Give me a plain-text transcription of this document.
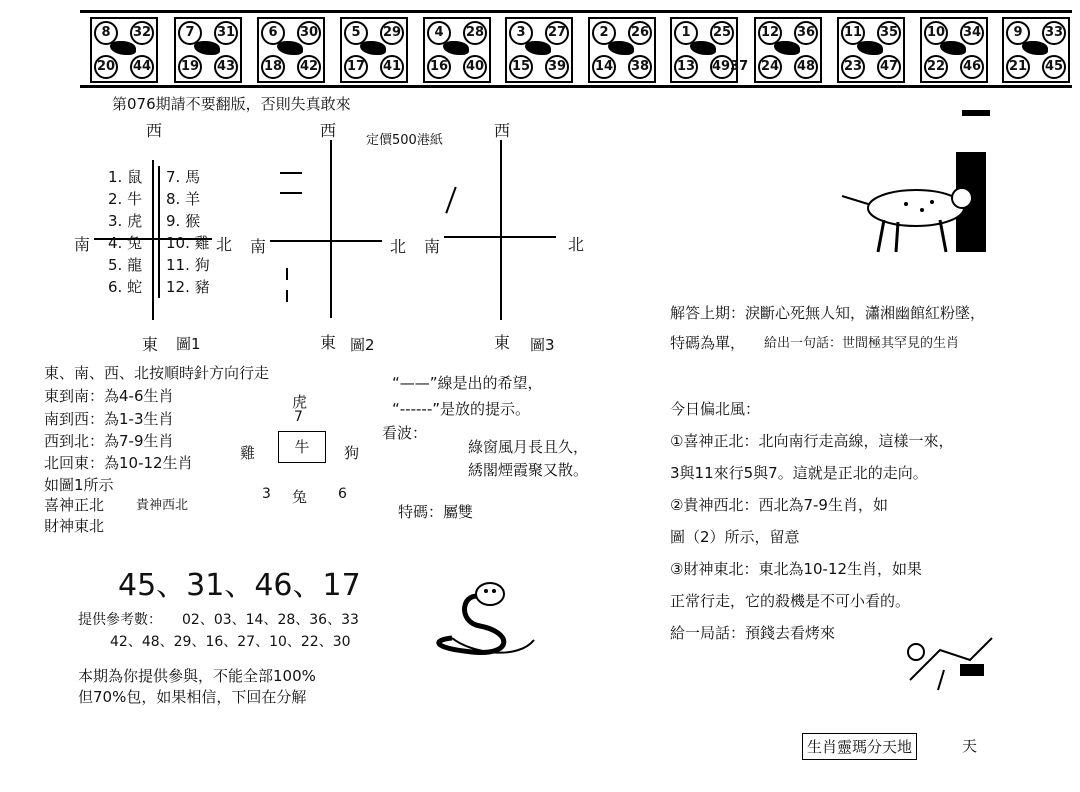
8	32
20 44
7	31
19 43
6	30
18 42
5	29
17 41
4	28
16 40
3	27
15 39
2	26
14 38
1	25
13 4937
12 36
24 48
11 35
23 47
10 34
22 46
9	33
21 45
第076期請不要翻版，否則失真敢來
定價500港紙
西
南	北
東 圖1
1. 鼠
2. 牛
3. 虎
4. 兔
5. 龍
6. 蛇
7. 馬
8. 羊
9. 猴
10. 雞
11. 狗
12. 豬
西
南	北
東 圖2
西
南	北
東 圖3
東、南、西、北按順時針方向行走
東到南：為4-6生肖
南到西：為1-3生肖
西到北：為7-9生肖
北回東：為10-12生肖
如圖1所示
喜神正北 貴神西北
財神東北
虎
7
雞	牛	狗
3 兔 6
“——”線是出的希望，
“------”是放的提示。
看波：
綠窗風月長且久，
綉閣煙霞聚又散。
特碼：屬雙
45、31、46、17
提供參考數： 02、03、14、28、36、33
42、48、29、16、27、10、22、30
本期為你提供參與，不能全部100%
但70%包，如果相信，下回在分解
解答上期：淚斷心死無人知，瀟湘幽館紅粉墜，
特碼為單， 給出一句話：世間極其罕見的生肖
今日偏北風：
①喜神正北：北向南行走高線，這樣一來，
3與11來行5與7。這就是正北的走向。
②貴神西北：西北為7-9生肖，如
圖（2）所示，留意
③財神東北：東北為10-12生肖，如果
正常行走，它的殺機是不可小看的。
給一局話：預錢去看烤來
生肖靈瑪分天地	天
